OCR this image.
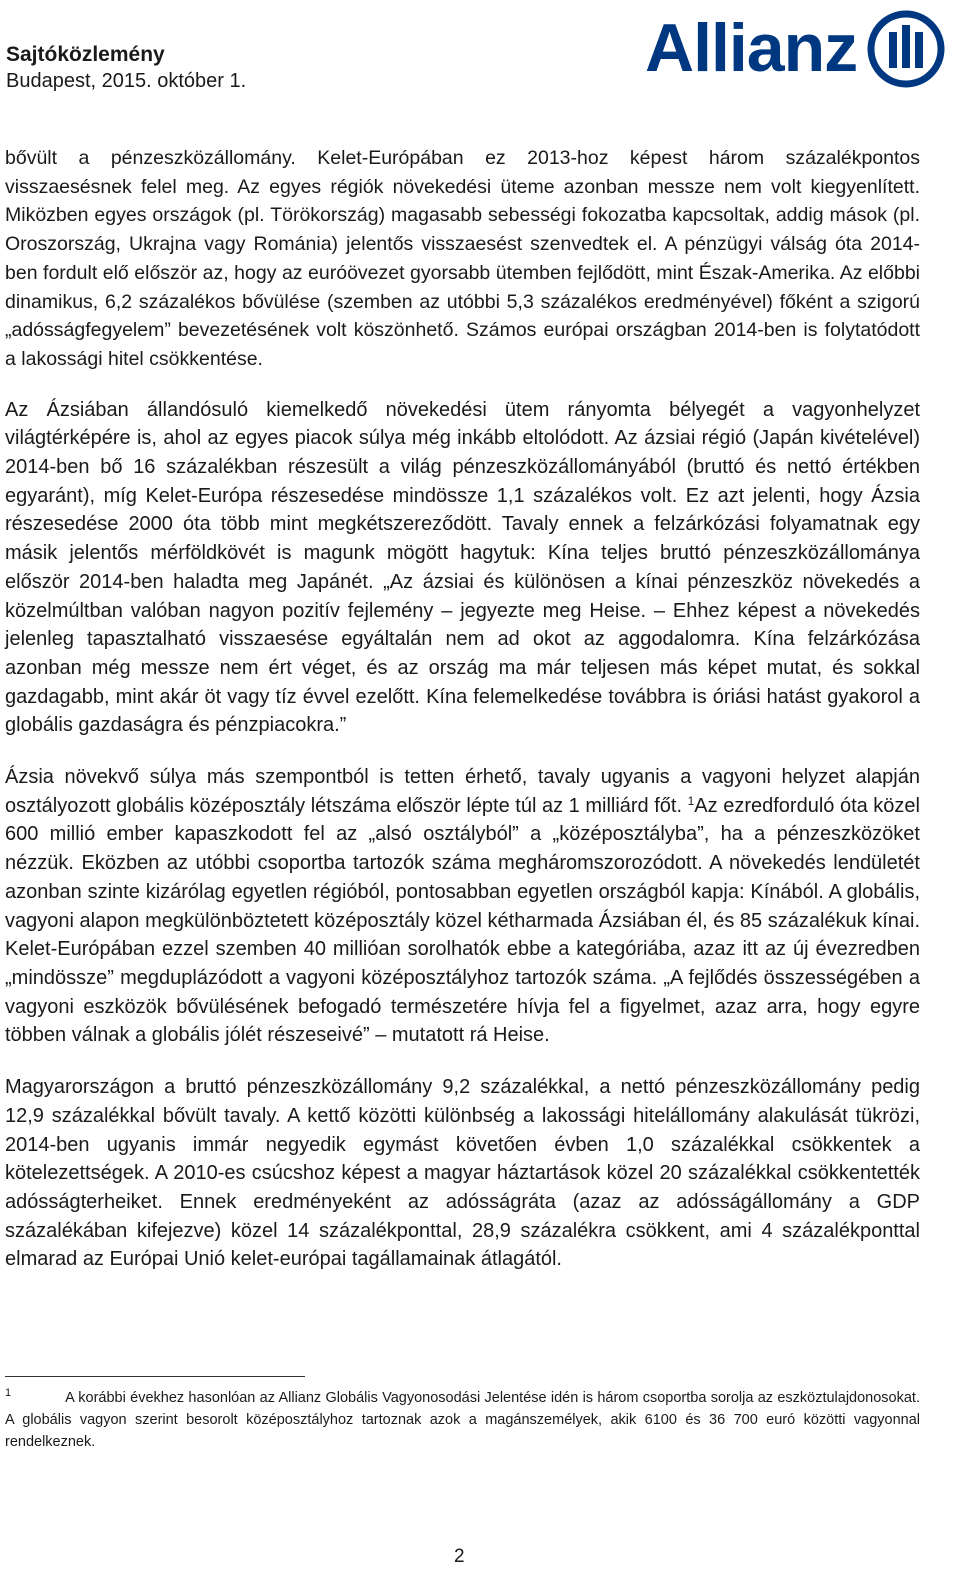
Sajtóközlemény
Budapest, 2015. október 1.	Allianz

bővült a pénzeszközállomány. Kelet-Európában ez 2013-hoz képest három százalékpontos visszaesésnek felel meg. Az egyes régiók növekedési üteme azonban messze nem volt kiegyenlített. Miközben egyes országok (pl. Törökország) magasabb sebességi fokozatba kapcsoltak, addig mások (pl. Oroszország, Ukrajna vagy Románia) jelentős visszaesést szenvedtek el. A pénzügyi válság óta 2014-ben fordult elő először az, hogy az euróövezet gyorsabb ütemben fejlődött, mint Észak-Amerika. Az előbbi dinamikus, 6,2 százalékos bővülése (szemben az utóbbi 5,3 százalékos eredményével) főként a szigorú „adósságfegyelem” bevezetésének volt köszönhető. Számos európai országban 2014-ben is folytatódott a lakossági hitel csökkentése.

Az Ázsiában állandósuló kiemelkedő növekedési ütem rányomta bélyegét a vagyonhelyzet világtérképére is, ahol az egyes piacok súlya még inkább eltolódott. Az ázsiai régió (Japán kivételével) 2014-ben bő 16 százalékban részesült a világ pénzeszközállományából (bruttó és nettó értékben egyaránt), míg Kelet-Európa részesedése mindössze 1,1 százalékos volt. Ez azt jelenti, hogy Ázsia részesedése 2000 óta több mint megkétszereződött. Tavaly ennek a felzárkózási folyamatnak egy másik jelentős mérföldkövét is magunk mögött hagytuk: Kína teljes bruttó pénzeszközállománya először 2014-ben haladta meg Japánét. „Az ázsiai és különösen a kínai pénzeszköz növekedés a közelmúltban valóban nagyon pozitív fejlemény – jegyezte meg Heise. – Ehhez képest a növekedés jelenleg tapasztalható visszaesése egyáltalán nem ad okot az aggodalomra. Kína felzárkózása azonban még messze nem ért véget, és az ország ma már teljesen más képet mutat, és sokkal gazdagabb, mint akár öt vagy tíz évvel ezelőtt. Kína felemelkedése továbbra is óriási hatást gyakorol a globális gazdaságra és pénzpiacokra.”

Ázsia növekvő súlya más szempontból is tetten érhető, tavaly ugyanis a vagyoni helyzet alapján osztályozott globális középosztály létszáma először lépte túl az 1 milliárd főt. $^1$Az ezredforduló óta közel 600 millió ember kapaszkodott fel az „alsó osztályból” a „középosztályba”, ha a pénzeszközöket nézzük. Eközben az utóbbi csoportba tartozók száma megháromszorozódott. A növekedés lendületét azonban szinte kizárólag egyetlen régióból, pontosabban egyetlen országból kapja: Kínából. A globális, vagyoni alapon megkülönböztetett középosztály közel kétharmada Ázsiában él, és 85 százalékuk kínai. Kelet-Európában ezzel szemben 40 millióan sorolhatók ebbe a kategóriába, azaz itt az új évezredben „mindössze” megduplázódott a vagyoni középosztályhoz tartozók száma. „A fejlődés összességében a vagyoni eszközök bővülésének befogadó természetére hívja fel a figyelmet, azaz arra, hogy egyre többen válnak a globális jólét részeseivé” – mutatott rá Heise.

Magyarországon a bruttó pénzeszközállomány 9,2 százalékkal, a nettó pénzeszközállomány pedig 12,9 százalékkal bővült tavaly. A kettő közötti különbség a lakossági hitelállomány alakulását tükrözi, 2014-ben ugyanis immár negyedik egymást követően évben 1,0 százalékkal csökkentek a kötelezettségek. A 2010-es csúcshoz képest a magyar háztartások közel 20 százalékkal csökkentették adósságterheiket. Ennek eredményeként az adósságráta (azaz az adósságállomány a GDP százalékában kifejezve) közel 14 százalékponttal, 28,9 százalékra csökkent, ami 4 százalékponttal elmarad az Európai Unió kelet-európai tagállamainak átlagától.

$^1$	A korábbi évekhez hasonlóan az Allianz Globális Vagyonosodási Jelentése idén is három csoportba sorolja az eszköztulajdonosokat. A globális vagyon szerint besorolt középosztályhoz tartoznak azok a magánszemélyek, akik 6100 és 36 700 euró közötti vagyonnal rendelkeznek.
2
